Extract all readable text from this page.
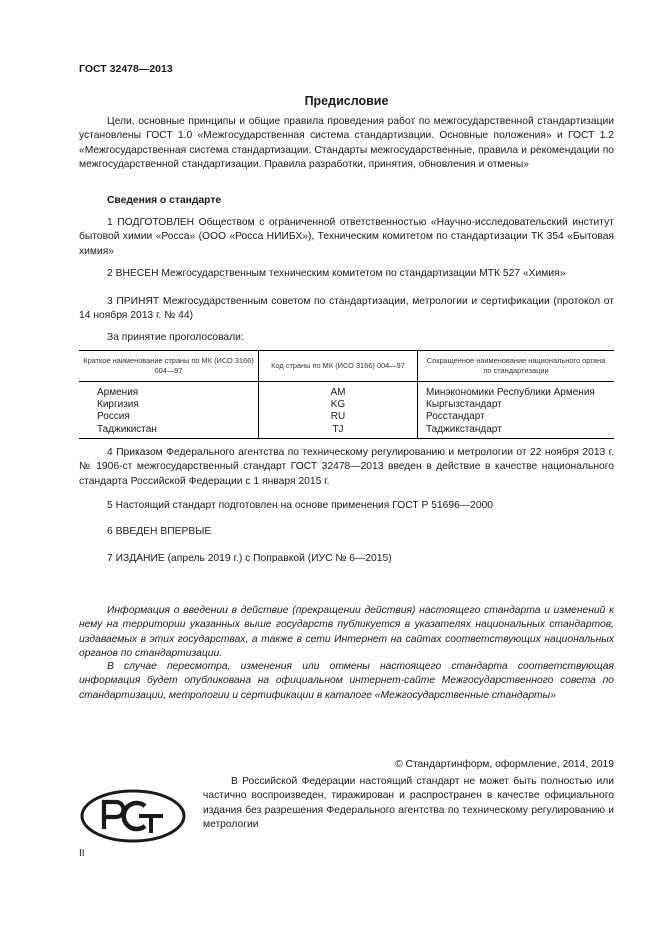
ГОСТ 32478—2013
Предисловие

Цели, основные принципы и общие правила проведения работ по межгосударственной стандартизации установлены ГОСТ 1.0 «Межгосударственная система стандартизации. Основные положения» и ГОСТ 1.2 «Межгосударственная система стандартизации. Стандарты межгосударственные, правила и рекомендации по межгосударственной стандартизации. Правила разработки, принятия, обновления и отмены»

Сведения о стандарте

1 ПОДГОТОВЛЕН Обществом с ограниченной ответственностью «Научно-исследовательский институт бытовой химии «Росса» (ООО «Росса НИИБХ»), Техническим комитетом по стандартизации ТК 354 «Бытовая химия»

2 ВНЕСЕН Межгосударственным техническим комитетом по стандартизации МТК 527 «Химия»

3 ПРИНЯТ Межгосударственным советом по стандартизации, метрологии и сертификации (протокол от 14 ноября 2013 г. № 44)

За принятие проголосовали:

Краткое наименование страны по МК (ИСО 3166) 004—97	Код страны по МК (ИСО 3166) 004—97	Сокращенное наименование национального органа по стандартизации
Армения	AM	Минэкономики Республики Армения
Киргизия	KG	Кыргызстандарт
Россия	RU	Росстандарт
Таджикистан	TJ	Таджикстандарт

4 Приказом Федерального агентства по техническому регулированию и метрологии от 22 ноября 2013 г. № 1906-ст межгосударственный стандарт ГОСТ 32478—2013 введен в действие в качестве национального стандарта Российской Федерации с 1 января 2015 г.

5 Настоящий стандарт подготовлен на основе применения ГОСТ Р 51696—2000

6 ВВЕДЕН ВПЕРВЫЕ

7 ИЗДАНИЕ (апрель 2019 г.) с Поправкой (ИУС № 6—2015)

Информация о введении в действие (прекращении действия) настоящего стандарта и изменений к нему на территории указанных выше государств публикуется в указателях национальных стандартов, издаваемых в этих государствах, а также в сети Интернет на сайтах соответствующих национальных органов по стандартизации.

В случае пересмотра, изменения или отмены настоящего стандарта соответствующая информация будет опубликована на официальном интернет-сайте Межгосударственного совета по стандартизации, метрологии и сертификации в каталоге «Межгосударственные стандарты»

© Стандартинформ, оформление, 2014, 2019

В Российской Федерации настоящий стандарт не может быть полностью или частично воспроизведен, тиражирован и распространен в качестве официального издания без разрешения Федерального агентства по техническому регулированию и метрологии

II
